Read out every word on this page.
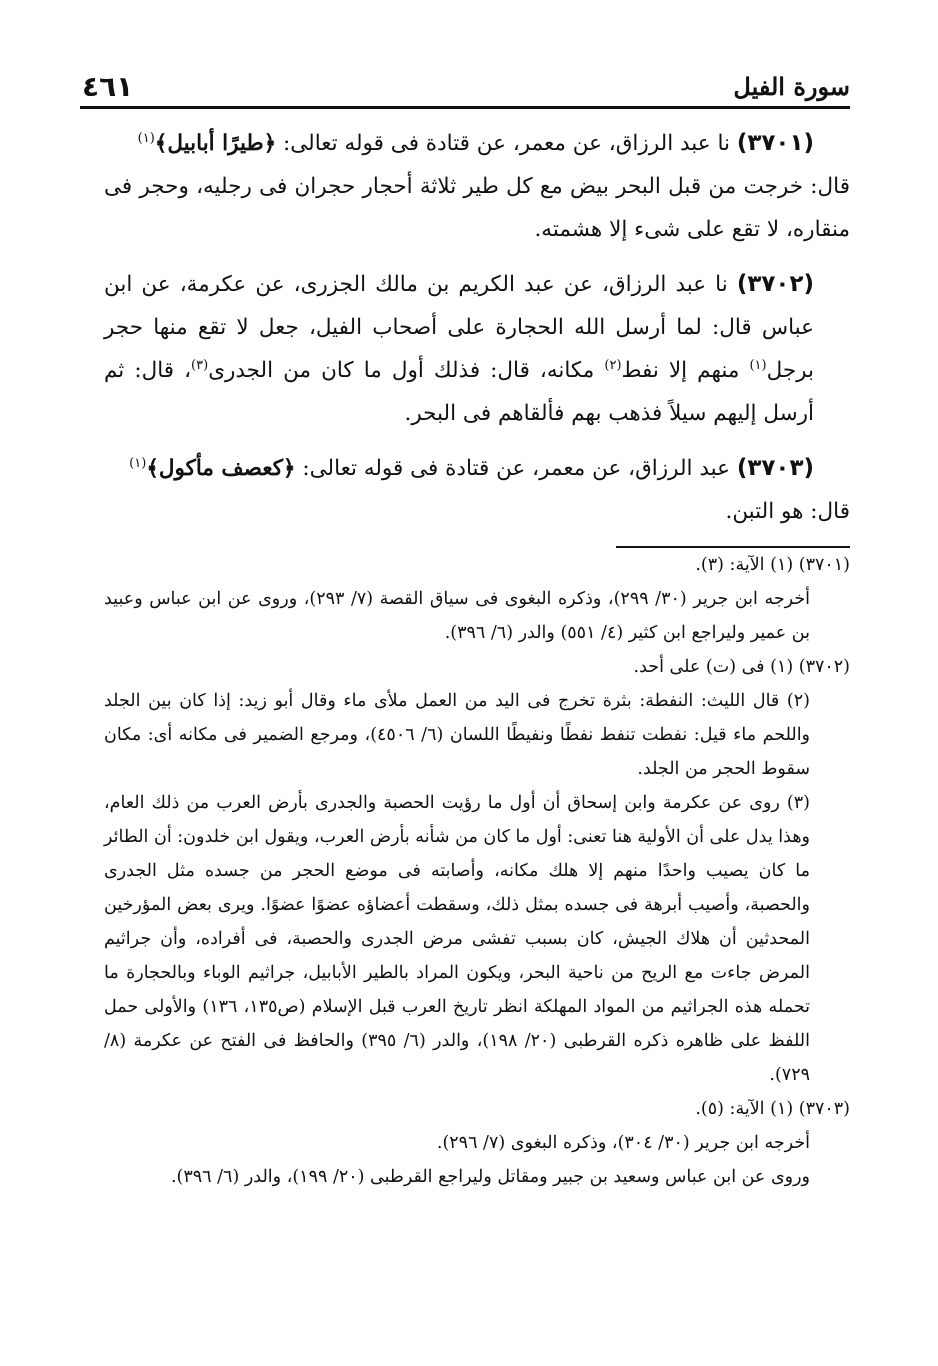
سورة الفيل
٤٦١

(٣٧٠١) نا عبد الرزاق، عن معمر، عن قتادة فى قوله تعالى: ﴿طيرًا أبابيل﴾$^{(١)}$

قال: خرجت من قبل البحر بيض مع كل طير ثلاثة أحجار حجران فى رجليه، وحجر فى منقاره، لا تقع على شىء إلا هشمته.

(٣٧٠٢) نا عبد الرزاق، عن عبد الكريم بن مالك الجزرى، عن عكرمة، عن ابن عباس قال: لما أرسل الله الحجارة على أصحاب الفيل، جعل لا تقع منها حجر برجل$^{(١)}$ منهم إلا نفط$^{(٢)}$ مكانه، قال: فذلك أول ما كان من الجدرى$^{(٣)}$، قال: ثم أرسل إليهم سيلاً فذهب بهم فألقاهم فى البحر.

(٣٧٠٣) عبد الرزاق، عن معمر، عن قتادة فى قوله تعالى: ﴿كعصف مأكول﴾$^{(١)}$

قال: هو التبن.

(٣٧٠١) (١) الآية: (٣).

أخرجه ابن جرير (٣٠/ ٢٩٩)، وذكره البغوى فى سياق القصة (٧/ ٢٩٣)، وروى عن ابن عباس وعبيد بن عمير وليراجع ابن كثير (٤/ ٥٥١) والدر (٦/ ٣٩٦).

(٣٧٠٢) (١) فى (ت) على أحد.

(٢) قال الليث: النفطة: بثرة تخرج فى اليد من العمل ملأى ماء وقال أبو زيد: إذا كان بين الجلد واللحم ماء قيل: نفطت تنفط نفطًا ونفيطًا اللسان (٦/ ٤٥٠٦)، ومرجع الضمير فى مكانه أى: مكان سقوط الحجر من الجلد.

(٣) روى عن عكرمة وابن إسحاق أن أول ما رؤيت الحصبة والجدرى بأرض العرب من ذلك العام، وهذا يدل على أن الأولية هنا تعنى: أول ما كان من شأنه بأرض العرب، ويقول ابن خلدون: أن الطائر ما كان يصيب واحدًا منهم إلا هلك مكانه، وأصابته فى موضع الحجر من جسده مثل الجدرى والحصبة، وأصيب أبرهة فى جسده بمثل ذلك، وسقطت أعضاؤه عضوًا عضوًا. ويرى بعض المؤرخين المحدثين أن هلاك الجيش، كان بسبب تفشى مرض الجدرى والحصبة، فى أفراده، وأن جراثيم المرض جاءت مع الريح من ناحية البحر، ويكون المراد بالطير الأبابيل، جراثيم الوباء وبالحجارة ما تحمله هذه الجراثيم من المواد المهلكة انظر تاريخ العرب قبل الإسلام (ص١٣٥، ١٣٦) والأولى حمل اللفظ على ظاهره ذكره القرطبى (٢٠/ ١٩٨)، والدر (٦/ ٣٩٥) والحافظ فى الفتح عن عكرمة (٨/ ٧٢٩).

(٣٧٠٣) (١) الآية: (٥).

أخرجه ابن جرير (٣٠/ ٣٠٤)، وذكره البغوى (٧/ ٢٩٦).

وروى عن ابن عباس وسعيد بن جبير ومقاتل وليراجع القرطبى (٢٠/ ١٩٩)، والدر (٦/ ٣٩٦).
